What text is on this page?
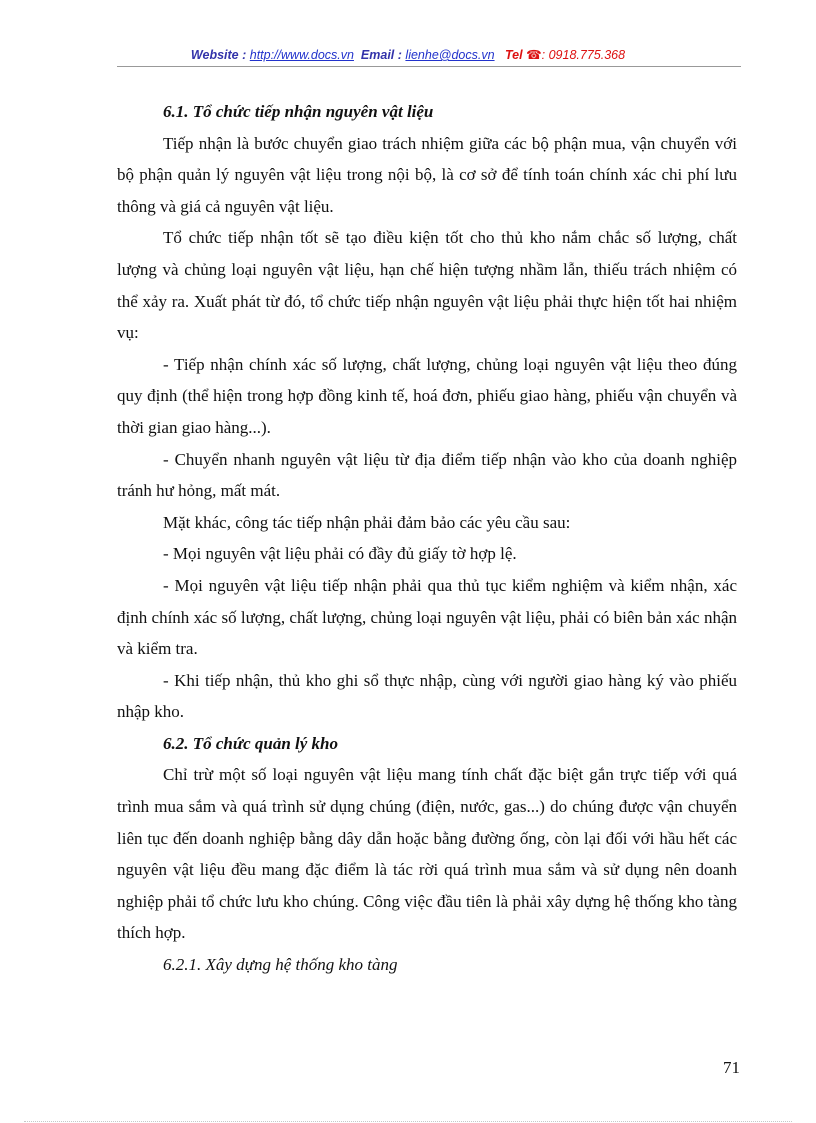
Website : http://www.docs.vn Email : lienhe@docs.vn Tel ☎: 0918.775.368

6.1. Tổ chức tiếp nhận nguyên vật liệu

Tiếp nhận là bước chuyển giao trách nhiệm giữa các bộ phận mua, vận chuyển với bộ phận quản lý nguyên vật liệu trong nội bộ, là cơ sở để tính toán chính xác chi phí lưu thông và giá cả nguyên vật liệu.

Tổ chức tiếp nhận tốt sẽ tạo điều kiện tốt cho thủ kho nắm chắc số lượng, chất lượng và chủng loại nguyên vật liệu, hạn chế hiện tượng nhầm lẫn, thiếu trách nhiệm có thể xảy ra. Xuất phát từ đó, tổ chức tiếp nhận nguyên vật liệu phải thực hiện tốt hai nhiệm vụ:

- Tiếp nhận chính xác số lượng, chất lượng, chủng loại nguyên vật liệu theo đúng quy định (thể hiện trong hợp đồng kinh tế, hoá đơn, phiếu giao hàng, phiếu vận chuyển và thời gian giao hàng...).

- Chuyển nhanh nguyên vật liệu từ địa điểm tiếp nhận vào kho của doanh nghiệp tránh hư hỏng, mất mát.

Mặt khác, công tác tiếp nhận phải đảm bảo các yêu cầu sau:

- Mọi nguyên vật liệu phải có đầy đủ giấy tờ hợp lệ.

- Mọi nguyên vật liệu tiếp nhận phải qua thủ tục kiểm nghiệm và kiểm nhận, xác định chính xác số lượng, chất lượng, chủng loại nguyên vật liệu, phải có biên bản xác nhận và kiểm tra.

- Khi tiếp nhận, thủ kho ghi sổ thực nhập, cùng với người giao hàng ký vào phiếu nhập kho.

6.2. Tổ chức quản lý kho

Chỉ trừ một số loại nguyên vật liệu mang tính chất đặc biệt gắn trực tiếp với quá trình mua sắm và quá trình sử dụng chúng (điện, nước, gas...) do chúng được vận chuyển liên tục đến doanh nghiệp bằng dây dẫn hoặc bằng đường ống, còn lại đối với hầu hết các nguyên vật liệu đều mang đặc điểm là tác rời quá trình mua sắm và sử dụng nên doanh nghiệp phải tổ chức lưu kho chúng. Công việc đầu tiên là phải xây dựng hệ thống kho tàng thích hợp.

6.2.1. Xây dựng hệ thống kho tàng

71
